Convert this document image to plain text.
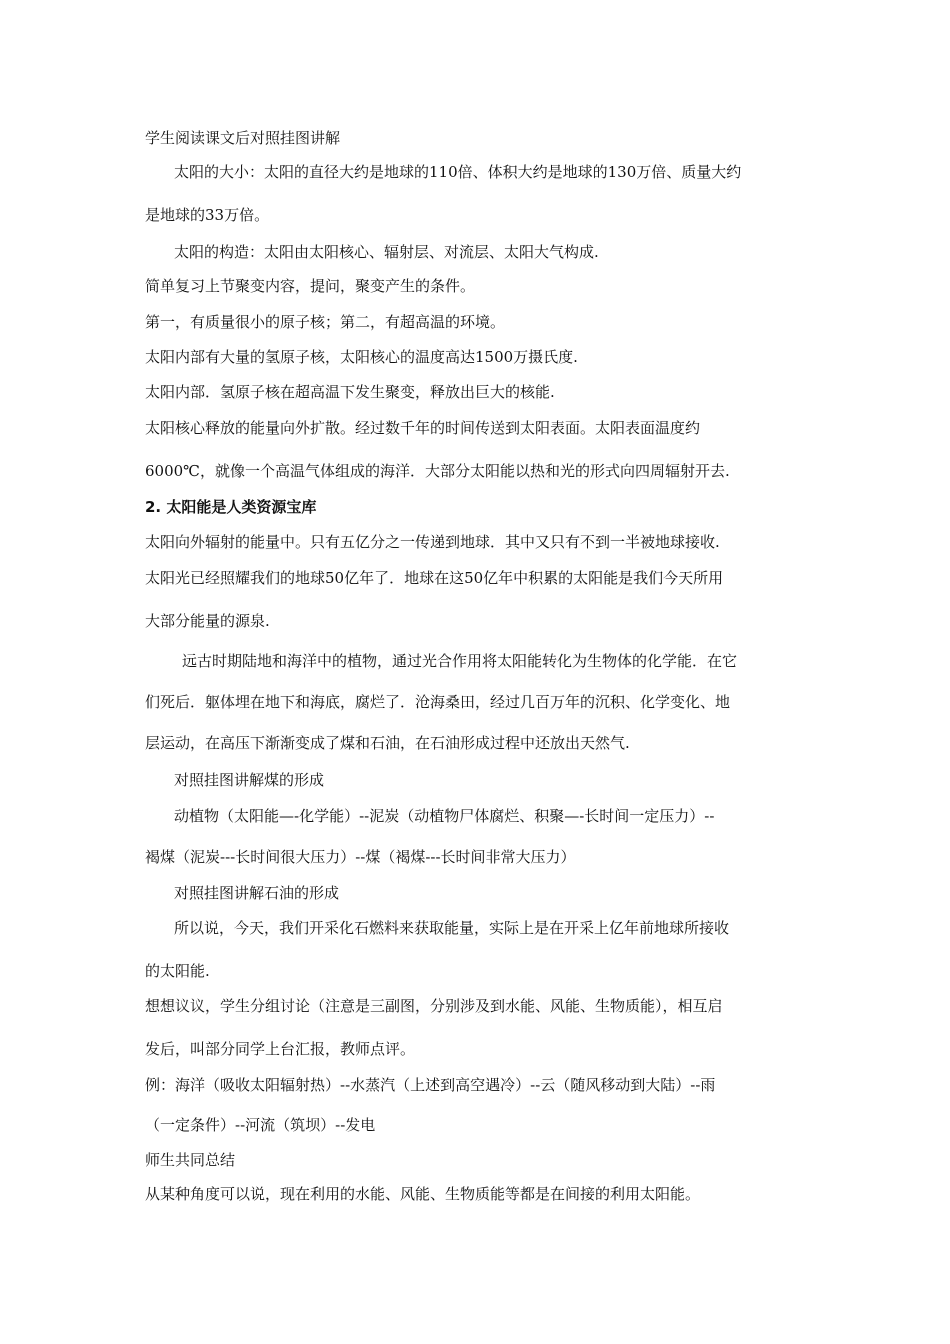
学生阅读课文后对照挂图讲解
太阳的大小：太阳的直径大约是地球的110倍、体积大约是地球的130万倍、质量大约
是地球的33万倍。
太阳的构造：太阳由太阳核心、辐射层、对流层、太阳大气构成.
简单复习上节聚变内容，提问，聚变产生的条件。
第一，有质量很小的原子核；第二，有超高温的环境。
太阳内部有大量的氢原子核，太阳核心的温度高达1500万摄氏度.
太阳内部．氢原子核在超高温下发生聚变，释放出巨大的核能.
太阳核心释放的能量向外扩散。经过数千年的时间传送到太阳表面。太阳表面温度约
6000℃，就像一个高温气体组成的海洋．大部分太阳能以热和光的形式向四周辐射开去.
2. 太阳能是人类资源宝库
太阳向外辐射的能量中。只有五亿分之一传递到地球．其中又只有不到一半被地球接收.
太阳光已经照耀我们的地球50亿年了．地球在这50亿年中积累的太阳能是我们今天所用
大部分能量的源泉.
远古时期陆地和海洋中的植物，通过光合作用将太阳能转化为生物体的化学能．在它
们死后．躯体埋在地下和海底，腐烂了．沧海桑田，经过几百万年的沉积、化学变化、地
层运动，在高压下渐渐变成了煤和石油，在石油形成过程中还放出天然气.
对照挂图讲解煤的形成
动植物（太阳能—-化学能）--泥炭（动植物尸体腐烂、积聚—-长时间一定压力）--
褐煤（泥炭---长时间很大压力）--煤（褐煤---长时间非常大压力）
对照挂图讲解石油的形成
所以说，今天，我们开采化石燃料来获取能量，实际上是在开采上亿年前地球所接收
的太阳能.
想想议议，学生分组讨论（注意是三副图，分别涉及到水能、风能、生物质能），相互启
发后，叫部分同学上台汇报，教师点评。
例：海洋（吸收太阳辐射热）--水蒸汽（上述到高空遇冷）--云（随风移动到大陆）--雨
（一定条件）--河流（筑坝）--发电
师生共同总结
从某种角度可以说，现在利用的水能、风能、生物质能等都是在间接的利用太阳能。
